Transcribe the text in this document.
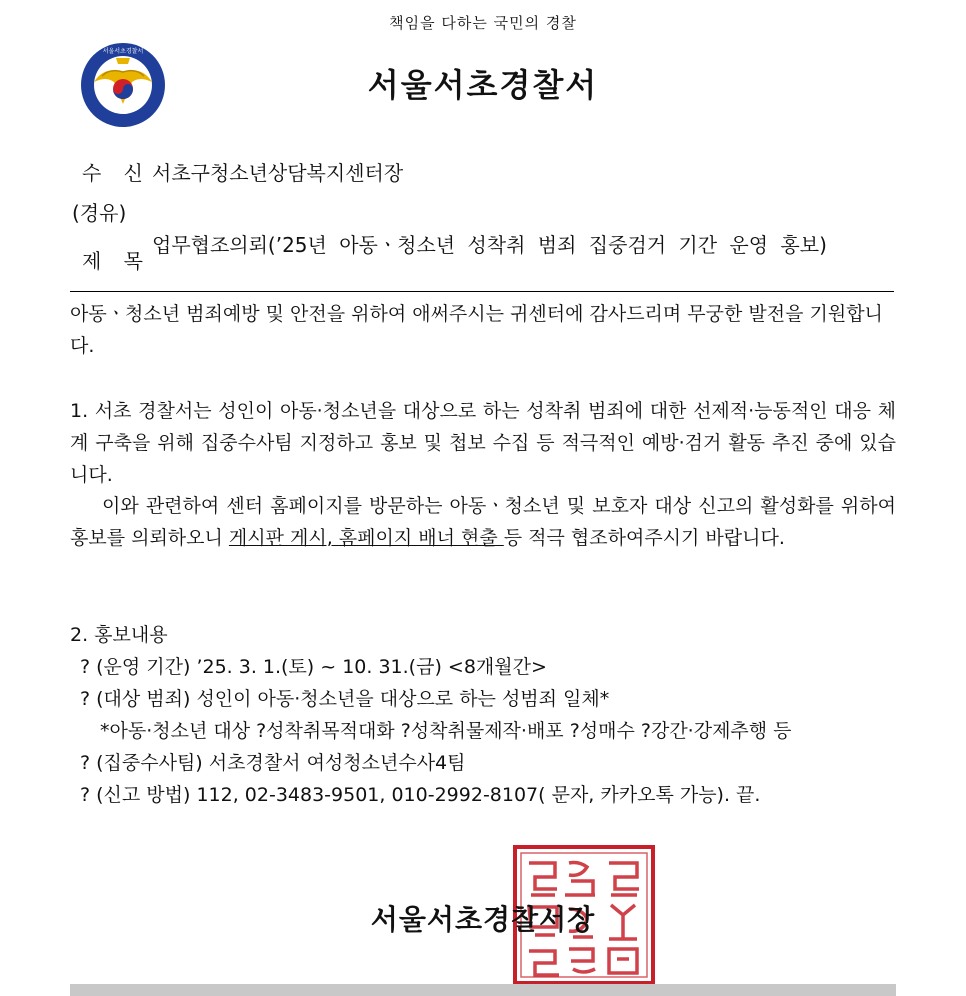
책임을 다하는 국민의 경찰
서울서초경찰서
서울서초경찰서
수 신 서초구청소년상담복지센터장
(경유)
제 목
업무협조의뢰(’25년 아동ㆍ청소년 성착취 범죄 집중검거 기간 운영 홍보)
아동ㆍ청소년 범죄예방 및 안전을 위하여 애써주시는 귀센터에 감사드리며 무궁한 발전을 기원합니다.
1. 서초 경찰서는 성인이 아동·청소년을 대상으로 하는 성착취 범죄에 대한 선제적·능동적인 대응 체계 구축을 위해 집중수사팀 지정하고 홍보 및 첩보 수집 등 적극적인 예방·검거 활동 추진 중에 있습니다.
이와 관련하여 센터 홈페이지를 방문하는 아동ㆍ청소년 및 보호자 대상 신고의 활성화를 위하여 홍보를 의뢰하오니 게시판 게시, 홈페이지 배너 현출 등 적극 협조하여주시기 바랍니다.
2. 홍보내용
? (운영 기간) ’25. 3. 1.(토) ~ 10. 31.(금) <8개월간>
? (대상 범죄) 성인이 아동·청소년을 대상으로 하는 성범죄 일체*
*아동·청소년 대상 ?성착취목적대화 ?성착취물제작·배포 ?성매수 ?강간·강제추행 등
? (집중수사팀) 서초경찰서 여성청소년수사4팀
? (신고 방법) 112, 02-3483-9501, 010-2992-8107( 문자, 카카오톡 가능). 끝.
서울서초경찰서장
